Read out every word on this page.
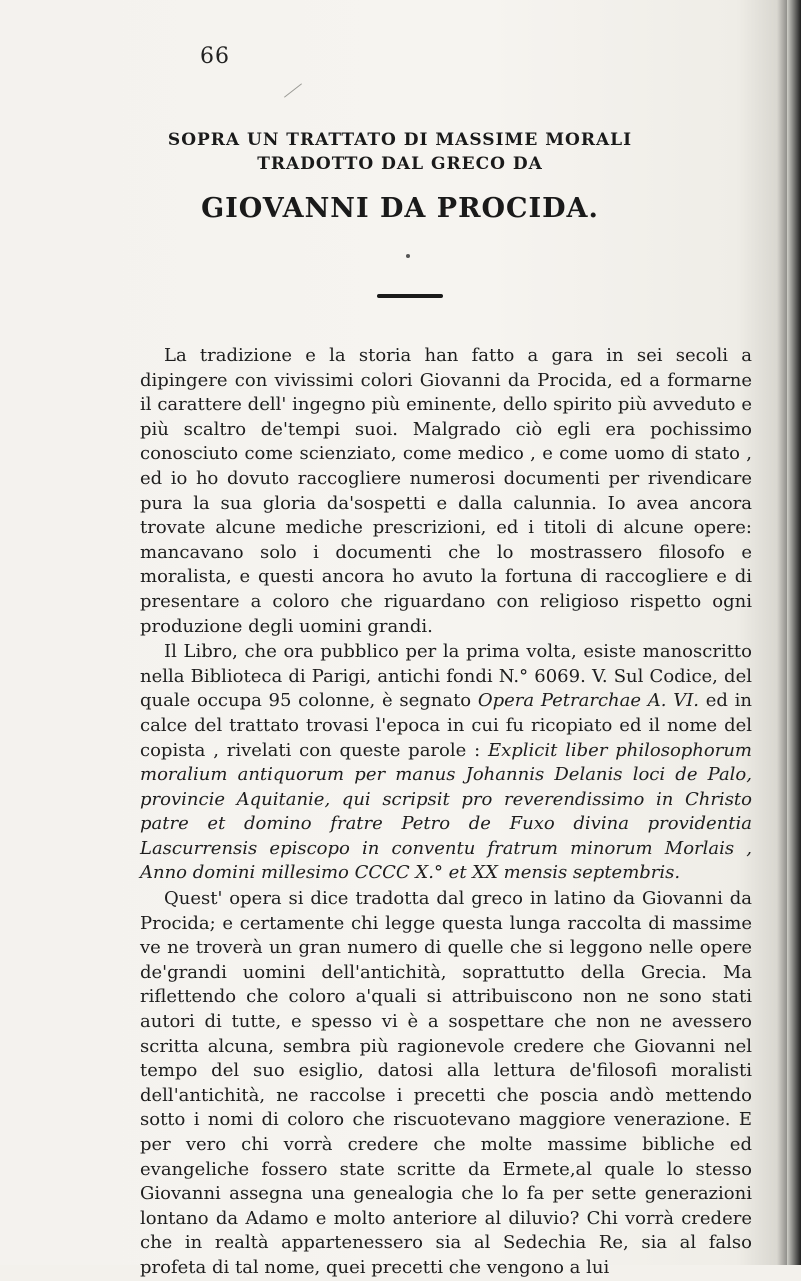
66
SOPRA UN TRATTATO DI MASSIME MORALI
TRADOTTO DAL GRECO DA
GIOVANNI DA PROCIDA.

La tradizione e la storia han fatto a gara in sei secoli a dipingere con vivissimi colori Giovanni da Procida, ed a formarne il carattere dell' ingegno più eminente, dello spirito più avveduto e più scaltro de'tempi suoi. Malgrado ciò egli era pochissimo conosciuto come scienziato, come medico , e come uomo di stato , ed io ho dovuto raccogliere numerosi documenti per rivendicare pura la sua gloria da'sospetti e dalla calunnia. Io avea ancora trovate alcune mediche prescrizioni, ed i titoli di alcune opere: mancavano solo i documenti che lo mostrassero filosofo e moralista, e questi ancora ho avuto la fortuna di raccogliere e di presentare a coloro che riguardano con religioso rispetto ogni produzione degli uomini grandi.

Il Libro, che ora pubblico per la prima volta, esiste manoscritto nella Biblioteca di Parigi, antichi fondi N.° 6069. V. Sul Codice, del quale occupa 95 colonne, è segnato Opera Petrarchae A. VI. ed in calce del trattato trovasi l'epoca in cui fu ricopiato ed il nome del copista , rivelati con queste parole : Explicit liber philosophorum moralium antiquorum per manus Johannis Delanis loci de Palo, provincie Aquitanie, qui scripsit pro reverendissimo in Christo patre et domino fratre Petro de Fuxo divina providentia Lascurrensis episcopo in conventu fratrum minorum Morlais , Anno domini millesimo CCCC X.° et XX mensis septembris.

Quest' opera si dice tradotta dal greco in latino da Giovanni da Procida; e certamente chi legge questa lunga raccolta di massime ve ne troverà un gran numero di quelle che si leggono nelle opere de'grandi uomini dell'antichità, soprattutto della Grecia. Ma riflettendo che coloro a'quali si attribuiscono non ne sono stati autori di tutte, e spesso vi è a sospettare che non ne avessero scritta alcuna, sembra più ragionevole credere che Giovanni nel tempo del suo esiglio, datosi alla lettura de'filosofi moralisti dell'antichità, ne raccolse i precetti che poscia andò mettendo sotto i nomi di coloro che riscuotevano maggiore venerazione. E per vero chi vorrà credere che molte massime bibliche ed evangeliche fossero state scritte da Ermete,al quale lo stesso Giovanni assegna una genealogia che lo fa per sette generazioni lontano da Adamo e molto anteriore al diluvio? Chi vorrà credere che in realtà appartenessero sia al Sedechia Re, sia al falso profeta di tal nome, quei precetti che vengono a lui
